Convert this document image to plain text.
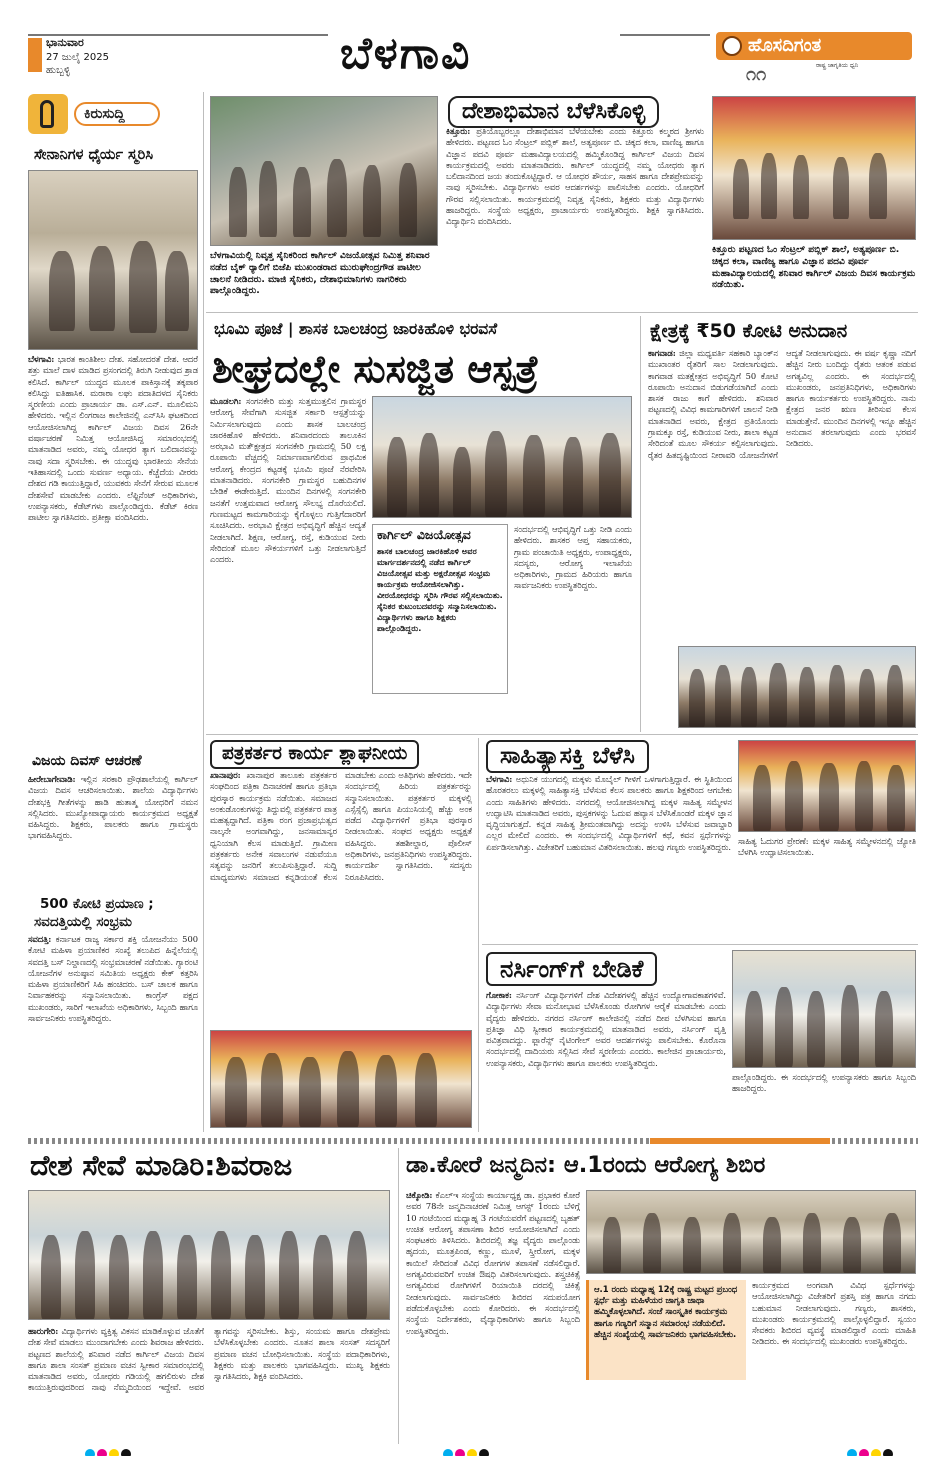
ಭಾನುವಾರ
27 ಜುಲೈ 2025
ಹುಬ್ಬಳ್ಳಿ	ಬೆಳಗಾವಿ	ಹೊಸದಿಗಂತ
ರಾಷ್ಟ್ರ ಜಾಗೃತಿಯ ಧ್ವನಿ
೧೧
ಕಿರುಸುದ್ದಿ
ಸೇನಾನಿಗಳ ಧೈರ್ಯ ಸ್ಮರಿಸಿ
ಬೆಳಗಾವಿ: ಭಾರತ ಕಾಂತಿಶೀಲ ದೇಶ. ಸಹೋದರತೆ ದೇಶ. ಆದರೆ ಶತ್ರು ಮಾಲೆ ದಾಳ ಮಾಡಿದ ಪ್ರಸಂಗದಲ್ಲಿ ತಿರುಗಿ ನೀಡುವುದ ಶ್ರಾಡ ಕಲಿಸಿದೆ. ಕಾರ್ಗಿಲ್ ಯುದ್ಧದ ಮೂಲಕ ಪಾಕಿಸ್ತಾನಕ್ಕೆ ತಕ್ಕಪಾಠ ಕಲಿಸಿದ್ದು ಐತಿಹಾಸಿಕ. ಮರಾಠಾ ಲಘು ಪದಾತಿದಳದ ಸೈನಿಕರು ಸ್ಮರಣೀಯ ಎಂದು ಪ್ರಾಚಾರ್ಯ ಡಾ. ಎಸ್.ಎನ್. ಮೂಲಿಮನಿ ಹೇಳಿದರು. ಇಲ್ಲಿನ ಲಿಂಗರಾಜ ಕಾಲೇಜಿನಲ್ಲಿ ಎನ್‌ಸಿಸಿ ಘಟಕದಿಂದ ಆಯೋಜಿಸಲಾಗಿದ್ದ ಕಾರ್ಗಿಲ್ ವಿಜಯ ದಿವಸ 26ನೇ ವರ್ಷಾಚರಣೆ ನಿಮಿತ್ತ ಆಯೋಜಿಸಿದ್ದ ಸಮಾರಂಭದಲ್ಲಿ ಮಾತನಾಡಿದ ಅವರು, ನಮ್ಮ ಯೋಧರ ತ್ಯಾಗ ಬಲಿದಾನವನ್ನು ನಾವು ಸದಾ ಸ್ಮರಿಸಬೇಕು. ಈ ಯುದ್ಧವು ಭಾರತೀಯ ಸೇನೆಯ ಇತಿಹಾಸದಲ್ಲಿ ಒಂದು ಸುವರ್ಣ ಅಧ್ಯಾಯ. ಕೆಚ್ಚೆದೆಯ ವೀರರು ದೇಶದ ಗಡಿ ಕಾಯುತ್ತಿದ್ದಾರೆ, ಯುವಕರು ಸೇನೆಗೆ ಸೇರುವ ಮೂಲಕ ದೇಶಸೇವೆ ಮಾಡಬೇಕು ಎಂದರು. ಲೆಫ್ಟಿನೆಂಟ್ ಅಧಿಕಾರಿಗಳು, ಉಪನ್ಯಾಸಕರು, ಕೆಡೆಟ್‌ಗಳು ಪಾಲ್ಗೊಂಡಿದ್ದರು. ಕೆಡೆಟ್ ಕಿರಣ ಪಾಟೀಲ ಸ್ವಾಗತಿಸಿದರು. ಪ್ರತೀಕ್ಷಾ ವಂದಿಸಿದರು.
ವಿಜಯ ದಿವಸ್ ಆಚರಣೆ
ಹೀರೇಬಾಗೇವಾಡಿ: ಇಲ್ಲಿನ ಸರಕಾರಿ ಪ್ರೌಢಶಾಲೆಯಲ್ಲಿ ಕಾರ್ಗಿಲ್ ವಿಜಯ ದಿವಸ ಆಚರಿಸಲಾಯಿತು. ಶಾಲೆಯ ವಿದ್ಯಾರ್ಥಿಗಳು ದೇಶಭಕ್ತಿ ಗೀತೆಗಳನ್ನು ಹಾಡಿ ಹುತಾತ್ಮ ಯೋಧರಿಗೆ ನಮನ ಸಲ್ಲಿಸಿದರು. ಮುಖ್ಯೋಪಾಧ್ಯಾಯರು ಕಾರ್ಯಕ್ರಮದ ಅಧ್ಯಕ್ಷತೆ ವಹಿಸಿದ್ದರು. ಶಿಕ್ಷಕರು, ಪಾಲಕರು ಹಾಗೂ ಗ್ರಾಮಸ್ಥರು ಭಾಗವಹಿಸಿದ್ದರು.
500 ಕೋಟಿ ಪ್ರಯಾಣ ;
ಸವದತ್ತಿಯಲ್ಲಿ ಸಂಭ್ರಮ
ಸವದತ್ತಿ: ಕರ್ನಾಟಕ ರಾಜ್ಯ ಸರ್ಕಾರ ಶಕ್ತಿ ಯೋಜನೆಯು 500 ಕೋಟಿ ಮಹಿಳಾ ಪ್ರಯಾಣಿಕರ ಸಂಖ್ಯೆ ತಲುಪಿದ ಹಿನ್ನೆಲೆಯಲ್ಲಿ ಸವದತ್ತಿ ಬಸ್ ನಿಲ್ದಾಣದಲ್ಲಿ ಸಂಭ್ರಮಾಚರಣೆ ನಡೆಯಿತು. ಗ್ಯಾರಂಟಿ ಯೋಜನೆಗಳ ಅನುಷ್ಠಾನ ಸಮಿತಿಯ ಅಧ್ಯಕ್ಷರು ಕೇಕ್ ಕತ್ತರಿಸಿ ಮಹಿಳಾ ಪ್ರಯಾಣಿಕರಿಗೆ ಸಿಹಿ ಹಂಚಿದರು. ಬಸ್ ಚಾಲಕ ಹಾಗೂ ನಿರ್ವಾಹಕರನ್ನು ಸನ್ಮಾನಿಸಲಾಯಿತು. ಕಾಂಗ್ರೆಸ್ ಪಕ್ಷದ ಮುಖಂಡರು, ಸಾರಿಗೆ ಇಲಾಖೆಯ ಅಧಿಕಾರಿಗಳು, ಸಿಬ್ಬಂದಿ ಹಾಗೂ ಸಾರ್ವಜನಿಕರು ಉಪಸ್ಥಿತರಿದ್ದರು.
ಬೆಳಗಾವಿಯಲ್ಲಿ ನಿವೃತ್ತ ಸೈನಿಕರಿಂದ ಕಾರ್ಗಿಲ್ ವಿಜಯೋತ್ಸವ ನಿಮಿತ್ತ ಶನಿವಾರ ನಡೆದ ಬೈಕ್ ರ‍್ಯಾಲಿಗೆ ಬಿಜೆಪಿ ಮುಖಂಡರಾದ ಮುರುಘೇಂದ್ರಗೌಡ ಪಾಟೀಲ ಚಾಲನೆ ನೀಡಿದರು. ಮಾಜಿ ಸೈನಿಕರು, ದೇಶಾಭಿಮಾನಿಗಳು ನಾಗರಿಕರು ಪಾಲ್ಗೊಂಡಿದ್ದರು.
ದೇಶಾಭಿಮಾನ ಬೆಳೆಸಿಕೊಳ್ಳಿ
ಕಿತ್ತೂರು: ಪ್ರತಿಯೊಬ್ಬರಲ್ಲೂ ದೇಶಾಭಿಮಾನ ಬೆಳೆಯಬೇಕು ಎಂದು ಕಿತ್ತೂರು ಕಲ್ಮಠದ ಶ್ರೀಗಳು ಹೇಳಿದರು. ಪಟ್ಟಣದ ಓಂ ಸೆಂಟ್ರಲ್ ಪಬ್ಲಿಕ್ ಶಾಲೆ, ಅತ್ಯಪೂರ್ಣ ಬಿ. ಚಿಕ್ಕದ ಕಲಾ, ವಾಣಿಜ್ಯ ಹಾಗೂ ವಿಜ್ಞಾನ ಪದವಿ ಪೂರ್ವ ಮಹಾವಿದ್ಯಾಲಯದಲ್ಲಿ ಹಮ್ಮಿಕೊಂಡಿದ್ದ ಕಾರ್ಗಿಲ್ ವಿಜಯ ದಿವಸ ಕಾರ್ಯಕ್ರಮದಲ್ಲಿ ಅವರು ಮಾತನಾಡಿದರು. ಕಾರ್ಗಿಲ್ ಯುದ್ಧದಲ್ಲಿ ನಮ್ಮ ಯೋಧರು ತ್ಯಾಗ ಬಲಿದಾನದಿಂದ ಜಯ ತಂದುಕೊಟ್ಟಿದ್ದಾರೆ. ಆ ಯೋಧರ ಶೌರ್ಯ, ಸಾಹಸ ಹಾಗೂ ದೇಶಪ್ರೇಮವನ್ನು ನಾವು ಸ್ಮರಿಸಬೇಕು. ವಿದ್ಯಾರ್ಥಿಗಳು ಅವರ ಆದರ್ಶಗಳನ್ನು ಪಾಲಿಸಬೇಕು ಎಂದರು. ಯೋಧರಿಗೆ ಗೌರವ ಸಲ್ಲಿಸಲಾಯಿತು. ಕಾರ್ಯಕ್ರಮದಲ್ಲಿ ನಿವೃತ್ತ ಸೈನಿಕರು, ಶಿಕ್ಷಕರು ಮತ್ತು ವಿದ್ಯಾರ್ಥಿಗಳು ಹಾಜರಿದ್ದರು. ಸಂಸ್ಥೆಯ ಅಧ್ಯಕ್ಷರು, ಪ್ರಾಚಾರ್ಯರು ಉಪಸ್ಥಿತರಿದ್ದರು. ಶಿಕ್ಷಕಿ ಸ್ವಾಗತಿಸಿದರು. ವಿದ್ಯಾರ್ಥಿನಿ ವಂದಿಸಿದರು.
ಕಿತ್ತೂರು ಪಟ್ಟಣದ ಓಂ ಸೆಂಟ್ರಲ್ ಪಬ್ಲಿಕ್ ಶಾಲೆ, ಅತ್ಯಪೂರ್ಣ ಬಿ. ಚಿಕ್ಕದ ಕಲಾ, ವಾಣಿಜ್ಯ ಹಾಗೂ ವಿಜ್ಞಾನ ಪದವಿ ಪೂರ್ವ ಮಹಾವಿದ್ಯಾಲಯದಲ್ಲಿ ಶನಿವಾರ ಕಾರ್ಗಿಲ್ ವಿಜಯ ದಿವಸ ಕಾರ್ಯಕ್ರಮ ನಡೆಯಿತು.
ಭೂಮಿ ಪೂಜೆ | ಶಾಸಕ ಬಾಲಚಂದ್ರ ಜಾರಕಿಹೊಳಿ ಭರವಸೆ
ಶೀಘ್ರದಲ್ಲೇ ಸುಸಜ್ಜಿತ ಆಸ್ಪತ್ರೆ
ಮೂಡಲಗಿ: ಸಂಗನಕೇರಿ ಮತ್ತು ಸುತ್ತಮುತ್ತಲಿನ ಗ್ರಾಮಸ್ಥರ ಆರೋಗ್ಯ ಸೇವೆಗಾಗಿ ಸುಸಜ್ಜಿತ ಸರ್ಕಾರಿ ಆಸ್ಪತ್ರೆಯನ್ನು ನಿರ್ಮಿಸಲಾಗುವುದು ಎಂದು ಶಾಸಕ ಬಾಲಚಂದ್ರ ಜಾರಕಿಹೊಳಿ ಹೇಳಿದರು. ಶನಿವಾರದಂದು ತಾಲೂಕಿನ ಅರಭಾವಿ ಮತ್ಕ್ಷೇತ್ರದ ಸಂಗನಕೇರಿ ಗ್ರಾಮದಲ್ಲಿ 50 ಲಕ್ಷ ರೂಪಾಯಿ ವೆಚ್ಚದಲ್ಲಿ ನಿರ್ಮಾಣವಾಗಲಿರುವ ಪ್ರಾಥಮಿಕ ಆರೋಗ್ಯ ಕೇಂದ್ರದ ಕಟ್ಟಡಕ್ಕೆ ಭೂಮಿ ಪೂಜೆ ನೆರವೇರಿಸಿ ಮಾತನಾಡಿದರು. ಸಂಗನಕೇರಿ ಗ್ರಾಮಸ್ಥರ ಬಹುದಿನಗಳ ಬೇಡಿಕೆ ಈಡೇರುತ್ತಿದೆ. ಮುಂದಿನ ದಿನಗಳಲ್ಲಿ ಸಂಗನಕೇರಿ ಜನತೆಗೆ ಉತ್ತಮವಾದ ಆರೋಗ್ಯ ಸೌಲಭ್ಯ ದೊರೆಯಲಿದೆ. ಗುಣಮಟ್ಟದ ಕಾಮಗಾರಿಯನ್ನು ಕೈಗೊಳ್ಳಲು ಗುತ್ತಿಗೆದಾರರಿಗೆ ಸೂಚಿಸಿದರು. ಅರಭಾವಿ ಕ್ಷೇತ್ರದ ಅಭಿವೃದ್ಧಿಗೆ ಹೆಚ್ಚಿನ ಆದ್ಯತೆ ನೀಡಲಾಗಿದೆ. ಶಿಕ್ಷಣ, ಆರೋಗ್ಯ, ರಸ್ತೆ, ಕುಡಿಯುವ ನೀರು ಸೇರಿದಂತೆ ಮೂಲ ಸೌಕರ್ಯಗಳಿಗೆ ಒತ್ತು ನೀಡಲಾಗುತ್ತಿದೆ ಎಂದರು.
ಕಾರ್ಗಿಲ್ ವಿಜಯೋತ್ಸವ
ಶಾಸಕ ಬಾಲಚಂದ್ರ ಜಾರಕಿಹೊಳಿ ಅವರ ಮಾರ್ಗದರ್ಶನದಲ್ಲಿ ನಡೆದ ಕಾರ್ಗಿಲ್ ವಿಜಯೋತ್ಸವ ಮತ್ತು ಅಕ್ಷರೋತ್ಸವ ಸಂಭ್ರಮ ಕಾರ್ಯಕ್ರಮ ಆಯೋಜಿಸಲಾಗಿತ್ತು. ವೀರಯೋಧರನ್ನು ಸ್ಮರಿಸಿ ಗೌರವ ಸಲ್ಲಿಸಲಾಯಿತು. ಸೈನಿಕರ ಕುಟುಂಬದವರನ್ನು ಸನ್ಮಾನಿಸಲಾಯಿತು. ವಿದ್ಯಾರ್ಥಿಗಳು ಹಾಗೂ ಶಿಕ್ಷಕರು ಪಾಲ್ಗೊಂಡಿದ್ದರು.
ಸಂದರ್ಭದಲ್ಲಿ ಆಭಿವೃದ್ಧಿಗೆ ಒತ್ತು ನೀಡಿ ಎಂದು ಹೇಳಿದರು. ಶಾಸಕರ ಆಪ್ತ ಸಹಾಯಕರು, ಗ್ರಾಮ ಪಂಚಾಯಿತಿ ಅಧ್ಯಕ್ಷರು, ಉಪಾಧ್ಯಕ್ಷರು, ಸದಸ್ಯರು, ಆರೋಗ್ಯ ಇಲಾಖೆಯ ಅಧಿಕಾರಿಗಳು, ಗ್ರಾಮದ ಹಿರಿಯರು ಹಾಗೂ ಸಾರ್ವಜನಿಕರು ಉಪಸ್ಥಿತರಿದ್ದರು.
ಕ್ಷೇತ್ರಕ್ಕೆ ₹50 ಕೋಟಿ ಅನುದಾನ
ಕಾಗವಾಡ: ಜಿಲ್ಲಾ ಮಧ್ಯವರ್ತಿ ಸಹಕಾರಿ ಬ್ಯಾಂಕ್‌ನ ಮುಖಾಂತರ ರೈತರಿಗೆ ಸಾಲ ನೀಡಲಾಗುವುದು. ಕಾಗವಾಡ ಮತಕ್ಷೇತ್ರದ ಅಭಿವೃದ್ಧಿಗೆ 50 ಕೋಟಿ ರೂಪಾಯಿ ಅನುದಾನ ಬಿಡುಗಡೆಯಾಗಿದೆ ಎಂದು ಶಾಸಕ ರಾಜು ಕಾಗೆ ಹೇಳಿದರು. ಶನಿವಾರ ಪಟ್ಟಣದಲ್ಲಿ ವಿವಿಧ ಕಾಮಗಾರಿಗಳಿಗೆ ಚಾಲನೆ ನೀಡಿ ಮಾತನಾಡಿದ ಅವರು, ಕ್ಷೇತ್ರದ ಪ್ರತಿಯೊಂದು ಗ್ರಾಮಕ್ಕೂ ರಸ್ತೆ, ಕುಡಿಯುವ ನೀರು, ಶಾಲಾ ಕಟ್ಟಡ ಸೇರಿದಂತೆ ಮೂಲ ಸೌಕರ್ಯ ಕಲ್ಪಿಸಲಾಗುವುದು. ರೈತರ ಹಿತದೃಷ್ಟಿಯಿಂದ ನೀರಾವರಿ ಯೋಜನೆಗಳಿಗೆ ಆದ್ಯತೆ ನೀಡಲಾಗುವುದು. ಈ ವರ್ಷ ಕೃಷ್ಣಾ ನದಿಗೆ ಹೆಚ್ಚಿನ ನೀರು ಬಂದಿದ್ದು ರೈತರು ಆತಂಕ ಪಡುವ ಅಗತ್ಯವಿಲ್ಲ ಎಂದರು. ಈ ಸಂದರ್ಭದಲ್ಲಿ ಮುಖಂಡರು, ಜನಪ್ರತಿನಿಧಿಗಳು, ಅಧಿಕಾರಿಗಳು ಹಾಗೂ ಕಾರ್ಯಕರ್ತರು ಉಪಸ್ಥಿತರಿದ್ದರು. ನಾನು ಕ್ಷೇತ್ರದ ಜನರ ಋಣ ತೀರಿಸುವ ಕೆಲಸ ಮಾಡುತ್ತೇನೆ. ಮುಂದಿನ ದಿನಗಳಲ್ಲಿ ಇನ್ನೂ ಹೆಚ್ಚಿನ ಅನುದಾನ ತರಲಾಗುವುದು ಎಂದು ಭರವಸೆ ನೀಡಿದರು.
ಪತ್ರಕರ್ತರ ಕಾರ್ಯ ಶ್ಲಾಘನೀಯ
ಖಾನಾಪುರ: ಖಾನಾಪುರ ತಾಲೂಕು ಪತ್ರಕರ್ತರ ಸಂಘದಿಂದ ಪತ್ರಿಕಾ ದಿನಾಚರಣೆ ಹಾಗೂ ಪ್ರತಿಭಾ ಪುರಸ್ಕಾರ ಕಾರ್ಯಕ್ರಮ ನಡೆಯಿತು. ಸಮಾಜದ ಅಂಕುಡೊಂಕುಗಳನ್ನು ತಿದ್ದುವಲ್ಲಿ ಪತ್ರಕರ್ತರ ಪಾತ್ರ ಮಹತ್ವದ್ದಾಗಿದೆ. ಪತ್ರಿಕಾ ರಂಗ ಪ್ರಜಾಪ್ರಭುತ್ವದ ನಾಲ್ಕನೇ ಅಂಗವಾಗಿದ್ದು, ಜನಸಾಮಾನ್ಯರ ಧ್ವನಿಯಾಗಿ ಕೆಲಸ ಮಾಡುತ್ತಿದೆ. ಗ್ರಾಮೀಣ ಪತ್ರಕರ್ತರು ಅನೇಕ ಸವಾಲುಗಳ ನಡುವೆಯೂ ಸತ್ಯವನ್ನು ಜನರಿಗೆ ತಲುಪಿಸುತ್ತಿದ್ದಾರೆ. ಸುದ್ದಿ ಮಾಧ್ಯಮಗಳು ಸಮಾಜದ ಕನ್ನಡಿಯಂತೆ ಕೆಲಸ ಮಾಡಬೇಕು ಎಂದು ಅತಿಥಿಗಳು ಹೇಳಿದರು. ಇದೇ ಸಂದರ್ಭದಲ್ಲಿ ಹಿರಿಯ ಪತ್ರಕರ್ತರನ್ನು ಸನ್ಮಾನಿಸಲಾಯಿತು. ಪತ್ರಕರ್ತರ ಮಕ್ಕಳಲ್ಲಿ ಎಸ್ಸೆಸ್ಸೆಲ್ಸಿ ಹಾಗೂ ಪಿಯುಸಿಯಲ್ಲಿ ಹೆಚ್ಚು ಅಂಕ ಪಡೆದ ವಿದ್ಯಾರ್ಥಿಗಳಿಗೆ ಪ್ರತಿಭಾ ಪುರಸ್ಕಾರ ನೀಡಲಾಯಿತು. ಸಂಘದ ಅಧ್ಯಕ್ಷರು ಅಧ್ಯಕ್ಷತೆ ವಹಿಸಿದ್ದರು. ತಹಶೀಲ್ದಾರ, ಪೊಲೀಸ್ ಅಧಿಕಾರಿಗಳು, ಜನಪ್ರತಿನಿಧಿಗಳು ಉಪಸ್ಥಿತರಿದ್ದರು. ಕಾರ್ಯದರ್ಶಿ ಸ್ವಾಗತಿಸಿದರು. ಸದಸ್ಯರು ನಿರೂಪಿಸಿದರು.
ಸಾಹಿತ್ಯಾಸಕ್ತಿ ಬೆಳೆಸಿ
ಬೆಳಗಾವಿ: ಅಧುನಿಕ ಯುಗದಲ್ಲಿ ಮಕ್ಕಳು ಮೊಬೈಲ್ ಗೀಳಿಗೆ ಒಳಗಾಗುತ್ತಿದ್ದಾರೆ. ಈ ಸ್ಥಿತಿಯಿಂದ ಹೊರತರಲು ಮಕ್ಕಳಲ್ಲಿ ಸಾಹಿತ್ಯಾಸಕ್ತಿ ಬೆಳೆಸುವ ಕೆಲಸ ಪಾಲಕರು ಹಾಗೂ ಶಿಕ್ಷಕರಿಂದ ಆಗಬೇಕು ಎಂದು ಸಾಹಿತಿಗಳು ಹೇಳಿದರು. ನಗರದಲ್ಲಿ ಆಯೋಜಿಸಲಾಗಿದ್ದ ಮಕ್ಕಳ ಸಾಹಿತ್ಯ ಸಮ್ಮೇಳನ ಉದ್ಘಾಟಿಸಿ ಮಾತನಾಡಿದ ಅವರು, ಪುಸ್ತಕಗಳನ್ನು ಓದುವ ಹವ್ಯಾಸ ಬೆಳೆಸಿಕೊಂಡರೆ ಮಕ್ಕಳ ಜ್ಞಾನ ವೃದ್ಧಿಯಾಗುತ್ತದೆ. ಕನ್ನಡ ಸಾಹಿತ್ಯ ಶ್ರೀಮಂತವಾಗಿದ್ದು ಅದನ್ನು ಉಳಿಸಿ ಬೆಳೆಸುವ ಜವಾಬ್ದಾರಿ ಎಲ್ಲರ ಮೇಲಿದೆ ಎಂದರು. ಈ ಸಂದರ್ಭದಲ್ಲಿ ವಿದ್ಯಾರ್ಥಿಗಳಿಗೆ ಕಥೆ, ಕವನ ಸ್ಪರ್ಧೆಗಳನ್ನು ಏರ್ಪಡಿಸಲಾಗಿತ್ತು. ವಿಜೇತರಿಗೆ ಬಹುಮಾನ ವಿತರಿಸಲಾಯಿತು. ಹಲವು ಗಣ್ಯರು ಉಪಸ್ಥಿತರಿದ್ದರು.
ಸಾಹಿತ್ಯ ಓದುಗರ ಪ್ರೇರಣೆ: ಮಕ್ಕಳ ಸಾಹಿತ್ಯ ಸಮ್ಮೇಳನದಲ್ಲಿ ಜ್ಯೋತಿ ಬೆಳಗಿಸಿ ಉದ್ಘಾಟಿಸಲಾಯಿತು.
ನರ್ಸಿಂಗ್‌ಗೆ ಬೇಡಿಕೆ
ಗೋಕಾಕ: ನರ್ಸಿಂಗ್ ವಿದ್ಯಾರ್ಥಿಗಳಿಗೆ ದೇಶ ವಿದೇಶಗಳಲ್ಲಿ ಹೆಚ್ಚಿನ ಉದ್ಯೋಗಾವಕಾಶಗಳಿವೆ. ವಿದ್ಯಾರ್ಥಿಗಳು ಸೇವಾ ಮನೋಭಾವ ಬೆಳೆಸಿಕೊಂಡು ರೋಗಿಗಳ ಆರೈಕೆ ಮಾಡಬೇಕು ಎಂದು ವೈದ್ಯರು ಹೇಳಿದರು. ನಗರದ ನರ್ಸಿಂಗ್ ಕಾಲೇಜಿನಲ್ಲಿ ನಡೆದ ದೀಪ ಬೆಳಗಿಸುವ ಹಾಗೂ ಪ್ರತಿಜ್ಞಾ ವಿಧಿ ಸ್ವೀಕಾರ ಕಾರ್ಯಕ್ರಮದಲ್ಲಿ ಮಾತನಾಡಿದ ಅವರು, ನರ್ಸಿಂಗ್ ವೃತ್ತಿ ಪವಿತ್ರವಾದದ್ದು. ಫ್ಲಾರೆನ್ಸ್ ನೈಟಿಂಗೇಲ್ ಅವರ ಆದರ್ಶಗಳನ್ನು ಪಾಲಿಸಬೇಕು. ಕೊರೊನಾ ಸಂದರ್ಭದಲ್ಲಿ ದಾದಿಯರು ಸಲ್ಲಿಸಿದ ಸೇವೆ ಸ್ಮರಣೀಯ ಎಂದರು. ಕಾಲೇಜಿನ ಪ್ರಾಚಾರ್ಯರು, ಉಪನ್ಯಾಸಕರು, ವಿದ್ಯಾರ್ಥಿಗಳು ಹಾಗೂ ಪಾಲಕರು ಉಪಸ್ಥಿತರಿದ್ದರು.
ಪಾಲ್ಗೊಂಡಿದ್ದರು. ಈ ಸಂದರ್ಭದಲ್ಲಿ ಉಪನ್ಯಾಸಕರು ಹಾಗೂ ಸಿಬ್ಬಂದಿ ಹಾಜರಿದ್ದರು.
ದೇಶ ಸೇವೆ ಮಾಡಿರಿ:ಶಿವರಾಜ
ಹಾರುಗೇರಿ: ವಿದ್ಯಾರ್ಥಿಗಳು ವ್ಯಕ್ತಿತ್ವ ವಿಕಸನ ಮಾಡಿಕೊಳ್ಳುವ ಜೊತೆಗೆ ದೇಶ ಸೇವೆ ಮಾಡಲು ಮುಂದಾಗಬೇಕು ಎಂದು ಶಿವರಾಜ ಹೇಳಿದರು. ಪಟ್ಟಣದ ಶಾಲೆಯಲ್ಲಿ ಶನಿವಾರ ನಡೆದ ಕಾರ್ಗಿಲ್ ವಿಜಯ ದಿವಸ ಹಾಗೂ ಶಾಲಾ ಸಂಸತ್ ಪ್ರಮಾಣ ವಚನ ಸ್ವೀಕಾರ ಸಮಾರಂಭದಲ್ಲಿ ಮಾತನಾಡಿದ ಅವರು, ಯೋಧರು ಗಡಿಯಲ್ಲಿ ಹಗಲಿರುಳು ದೇಶ ಕಾಯುತ್ತಿರುವುದರಿಂದ ನಾವು ನೆಮ್ಮದಿಯಿಂದ ಇದ್ದೇವೆ. ಅವರ ತ್ಯಾಗವನ್ನು ಸ್ಮರಿಸಬೇಕು. ಶಿಸ್ತು, ಸಂಯಮ ಹಾಗೂ ದೇಶಪ್ರೇಮ ಬೆಳೆಸಿಕೊಳ್ಳಬೇಕು ಎಂದರು. ನೂತನ ಶಾಲಾ ಸಂಸತ್ ಸದಸ್ಯರಿಗೆ ಪ್ರಮಾಣ ವಚನ ಬೋಧಿಸಲಾಯಿತು. ಸಂಸ್ಥೆಯ ಪದಾಧಿಕಾರಿಗಳು, ಶಿಕ್ಷಕರು ಮತ್ತು ಪಾಲಕರು ಭಾಗವಹಿಸಿದ್ದರು. ಮುಖ್ಯ ಶಿಕ್ಷಕರು ಸ್ವಾಗತಿಸಿದರು, ಶಿಕ್ಷಕಿ ವಂದಿಸಿದರು.
ಡಾ.ಕೋರೆ ಜನ್ಮದಿನ: ಆ.1ರಂದು ಆರೋಗ್ಯ ಶಿಬಿರ
ಚಿಕ್ಕೋಡಿ: ಕೆಎಲ್‌ಇ ಸಂಸ್ಥೆಯ ಕಾರ್ಯಾಧ್ಯಕ್ಷ ಡಾ. ಪ್ರಭಾಕರ ಕೋರೆ ಅವರ 78ನೇ ಜನ್ಮದಿನಾಚರಣೆ ನಿಮಿತ್ತ ಆಗಸ್ಟ್ 1ರಂದು ಬೆಳಿಗ್ಗೆ 10 ಗಂಟೆಯಿಂದ ಮಧ್ಯಾಹ್ನ 3 ಗಂಟೆಯವರೆಗೆ ಪಟ್ಟಣದಲ್ಲಿ ಬೃಹತ್ ಉಚಿತ ಆರೋಗ್ಯ ತಪಾಸಣಾ ಶಿಬಿರ ಆಯೋಜಿಸಲಾಗಿದೆ ಎಂದು ಸಂಘಟಕರು ತಿಳಿಸಿದರು. ಶಿಬಿರದಲ್ಲಿ ತಜ್ಞ ವೈದ್ಯರು ಪಾಲ್ಗೊಂಡು ಹೃದಯ, ಮೂತ್ರಪಿಂಡ, ಕಣ್ಣು, ಮೂಳೆ, ಸ್ತ್ರೀರೋಗ, ಮಕ್ಕಳ ಕಾಯಿಲೆ ಸೇರಿದಂತೆ ವಿವಿಧ ರೋಗಗಳ ತಪಾಸಣೆ ನಡೆಸಲಿದ್ದಾರೆ. ಅಗತ್ಯವಿರುವವರಿಗೆ ಉಚಿತ ಔಷಧಿ ವಿತರಿಸಲಾಗುವುದು. ಶಸ್ತ್ರಚಿಕಿತ್ಸೆ ಅಗತ್ಯವಿರುವ ರೋಗಿಗಳಿಗೆ ರಿಯಾಯಿತಿ ದರದಲ್ಲಿ ಚಿಕಿತ್ಸೆ ನೀಡಲಾಗುವುದು. ಸಾರ್ವಜನಿಕರು ಶಿಬಿರದ ಸದುಪಯೋಗ ಪಡೆದುಕೊಳ್ಳಬೇಕು ಎಂದು ಕೋರಿದರು. ಈ ಸಂದರ್ಭದಲ್ಲಿ ಸಂಸ್ಥೆಯ ನಿರ್ದೇಶಕರು, ವೈದ್ಯಾಧಿಕಾರಿಗಳು ಹಾಗೂ ಸಿಬ್ಬಂದಿ ಉಪಸ್ಥಿತರಿದ್ದರು.
ಆ.1 ರಂದು ಮಧ್ಯಾಹ್ನ 12ಕ್ಕೆ ರಾಷ್ಟ್ರ ಮಟ್ಟದ ಪ್ರಬಂಧ ಸ್ಪರ್ಧೆ ಮತ್ತು ಮಹಿಳೆಯರ ಜಾಗೃತಿ ಜಾಥಾ ಹಮ್ಮಿಕೊಳ್ಳಲಾಗಿದೆ. ಸಂಜೆ ಸಾಂಸ್ಕೃತಿಕ ಕಾರ್ಯಕ್ರಮ ಹಾಗೂ ಗಣ್ಯರಿಗೆ ಸನ್ಮಾನ ಸಮಾರಂಭ ನಡೆಯಲಿದೆ. ಹೆಚ್ಚಿನ ಸಂಖ್ಯೆಯಲ್ಲಿ ಸಾರ್ವಜನಿಕರು ಭಾಗವಹಿಸಬೇಕು.
ಕಾರ್ಯಕ್ರಮದ ಅಂಗವಾಗಿ ವಿವಿಧ ಸ್ಪರ್ಧೆಗಳನ್ನು ಆಯೋಜಿಸಲಾಗಿದ್ದು ವಿಜೇತರಿಗೆ ಪ್ರಶಸ್ತಿ ಪತ್ರ ಹಾಗೂ ನಗದು ಬಹುಮಾನ ನೀಡಲಾಗುವುದು. ಗಣ್ಯರು, ಶಾಸಕರು, ಮುಖಂಡರು ಕಾರ್ಯಕ್ರಮದಲ್ಲಿ ಪಾಲ್ಗೊಳ್ಳಲಿದ್ದಾರೆ. ಸ್ವಯಂ ಸೇವಕರು ಶಿಬಿರದ ವ್ಯವಸ್ಥೆ ಮಾಡಲಿದ್ದಾರೆ ಎಂದು ಮಾಹಿತಿ ನೀಡಿದರು. ಈ ಸಂದರ್ಭದಲ್ಲಿ ಮುಖಂಡರು ಉಪಸ್ಥಿತರಿದ್ದರು.
